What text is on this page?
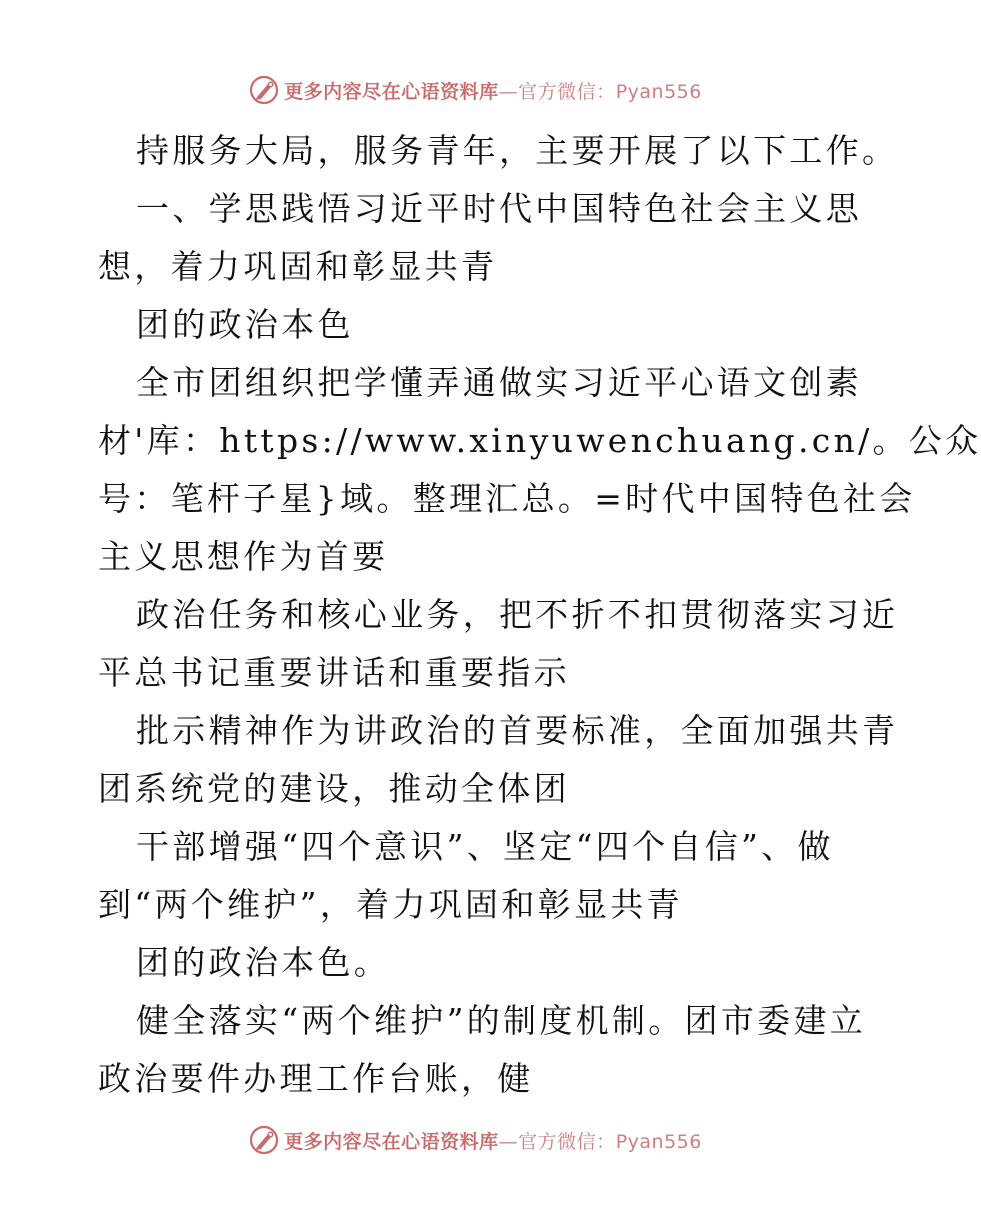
更多内容尽在心语资料库—官方微信：Pyan556
持服务大局，服务青年，主要开展了以下工作。
一、学思践悟习近平时代中国特色社会主义思
想，着力巩固和彰显共青
团的政治本色
全市团组织把学懂弄通做实习近平心语文创素
材'库：https://www.xinyuwenchuang.cn/。公众
号：笔杆子星}域。整理汇总。=时代中国特色社会
主义思想作为首要
政治任务和核心业务，把不折不扣贯彻落实习近
平总书记重要讲话和重要指示
批示精神作为讲政治的首要标准，全面加强共青
团系统党的建设，推动全体团
干部增强“四个意识”、坚定“四个自信”、做
到“两个维护”，着力巩固和彰显共青
团的政治本色。
健全落实“两个维护”的制度机制。团市委建立
政治要件办理工作台账，健
更多内容尽在心语资料库—官方微信：Pyan556
